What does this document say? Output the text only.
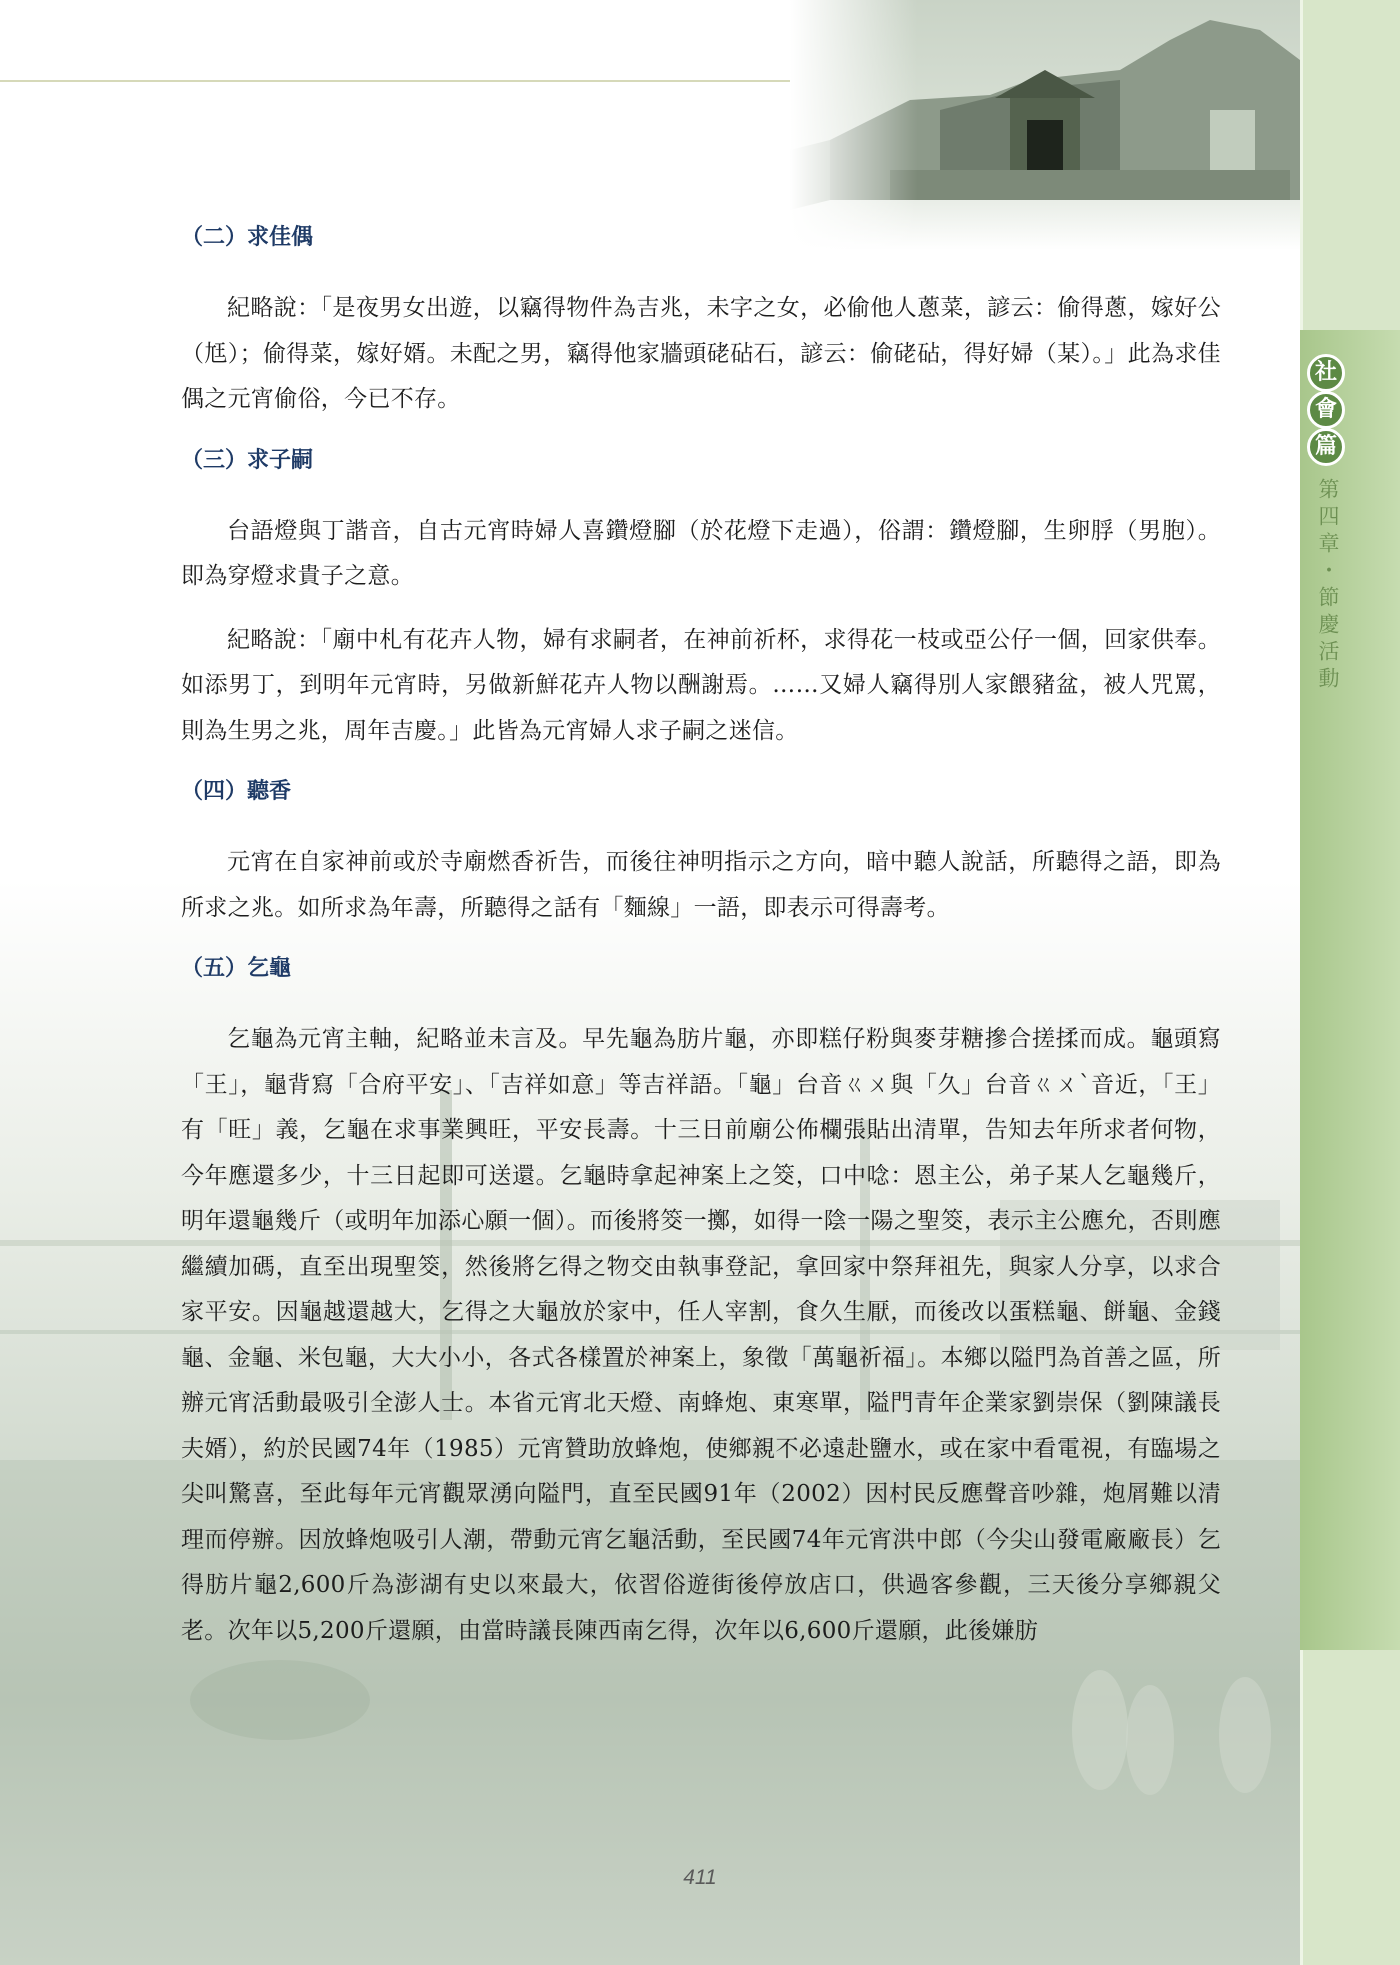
社
會
篇
第四章・節慶活動
（二）求佳偶

紀略說：「是夜男女出遊，以竊得物件為吉兆，未字之女，必偷他人蔥菜，諺云：偷得蔥，嫁好公（尪）；偷得菜，嫁好婿。未配之男，竊得他家牆頭硓砧石，諺云：偷硓砧，得好婦（某）。」此為求佳偶之元宵偷俗，今已不存。

（三）求子嗣

台語燈與丁諧音，自古元宵時婦人喜鑽燈腳（於花燈下走過），俗謂：鑽燈腳，生卵脬（男胞）。即為穿燈求貴子之意。

紀略說：「廟中札有花卉人物，婦有求嗣者，在神前祈杯，求得花一枝或亞公仔一個，回家供奉。如添男丁，到明年元宵時，另做新鮮花卉人物以酬謝焉。……又婦人竊得別人家餵豬盆，被人咒罵，則為生男之兆，周年吉慶。」此皆為元宵婦人求子嗣之迷信。

（四）聽香

元宵在自家神前或於寺廟燃香祈告，而後往神明指示之方向，暗中聽人說話，所聽得之語，即為所求之兆。如所求為年壽，所聽得之話有「麵線」一語，即表示可得壽考。

（五）乞龜

乞龜為元宵主軸，紀略並未言及。早先龜為肪片龜，亦即糕仔粉與麥芽糖摻合搓揉而成。龜頭寫「王」，龜背寫「合府平安」、「吉祥如意」等吉祥語。「龜」台音ㄍㄨ與「久」台音ㄍㄨˋ音近，「王」有「旺」義，乞龜在求事業興旺，平安長壽。十三日前廟公佈欄張貼出清單，告知去年所求者何物，今年應還多少，十三日起即可送還。乞龜時拿起神案上之筊，口中唸：恩主公，弟子某人乞龜幾斤，明年還龜幾斤（或明年加添心願一個）。而後將筊一擲，如得一陰一陽之聖筊，表示主公應允，否則應繼續加碼，直至出現聖筊，然後將乞得之物交由執事登記，拿回家中祭拜祖先，與家人分享，以求合家平安。因龜越還越大，乞得之大龜放於家中，任人宰割，食久生厭，而後改以蛋糕龜、餅龜、金錢龜、金龜、米包龜，大大小小，各式各樣置於神案上，象徵「萬龜祈福」。本鄉以隘門為首善之區，所辦元宵活動最吸引全澎人士。本省元宵北天燈、南蜂炮、東寒單，隘門青年企業家劉崇保（劉陳議長夫婿），約於民國74年（1985）元宵贊助放蜂炮，使鄉親不必遠赴鹽水，或在家中看電視，有臨場之尖叫驚喜，至此每年元宵觀眾湧向隘門，直至民國91年（2002）因村民反應聲音吵雜，炮屑難以清理而停辦。因放蜂炮吸引人潮，帶動元宵乞龜活動，至民國74年元宵洪中郎（今尖山發電廠廠長）乞得肪片龜2,600斤為澎湖有史以來最大，依習俗遊街後停放店口，供過客參觀，三天後分享鄉親父老。次年以5,200斤還願，由當時議長陳西南乞得，次年以6,600斤還願，此後嫌肪

411
